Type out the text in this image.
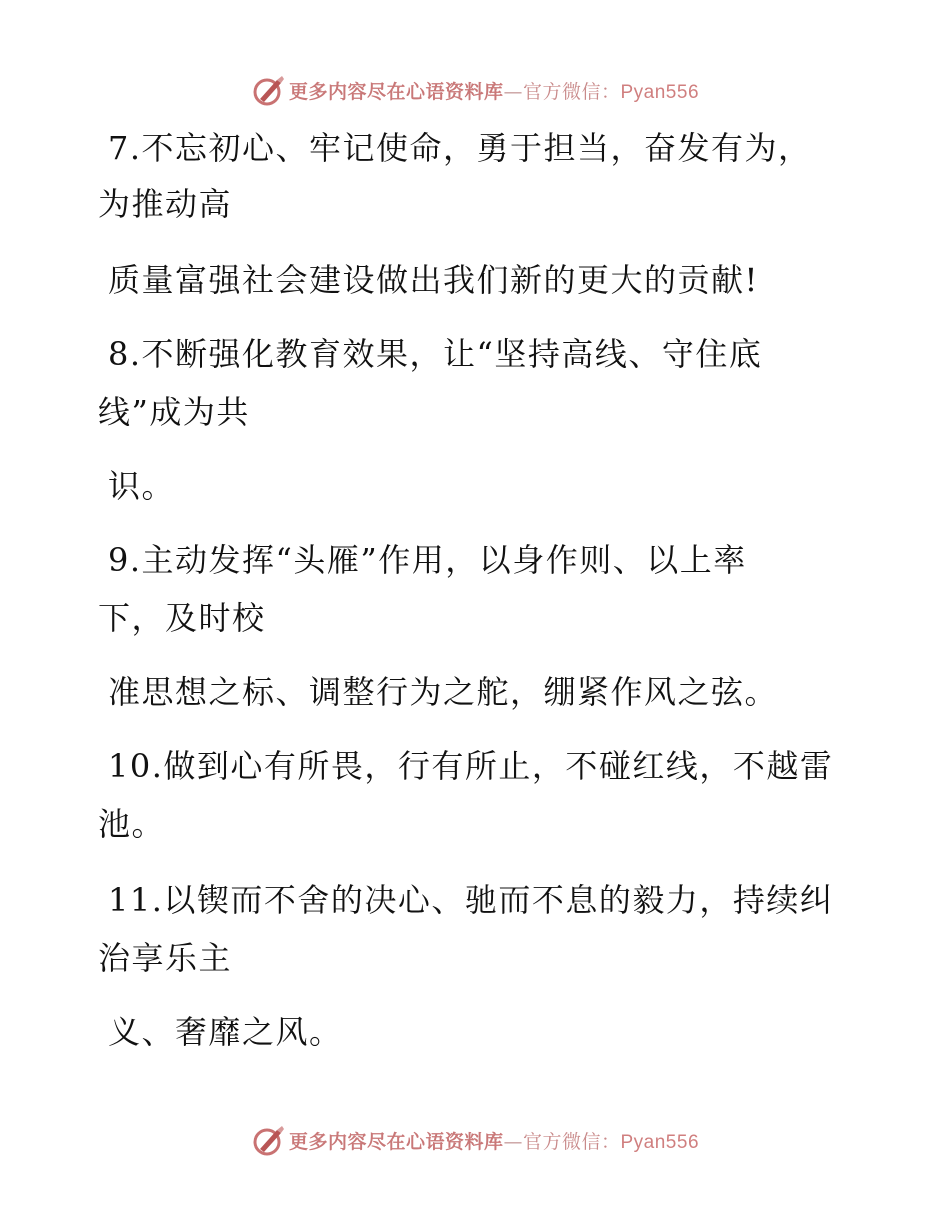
更多内容尽在心语资料库—官方微信：Pyan556
7.不忘初心、牢记使命，勇于担当，奋发有为，
为推动高
质量富强社会建设做出我们新的更大的贡献!
8.不断强化教育效果，让“坚持高线、守住底
线”成为共
识。
9.主动发挥“头雁”作用，以身作则、以上率
下，及时校
准思想之标、调整行为之舵，绷紧作风之弦。
10.做到心有所畏，行有所止，不碰红线，不越雷
池。
11.以锲而不舍的决心、驰而不息的毅力，持续纠
治享乐主
义、奢靡之风。
更多内容尽在心语资料库—官方微信：Pyan556
